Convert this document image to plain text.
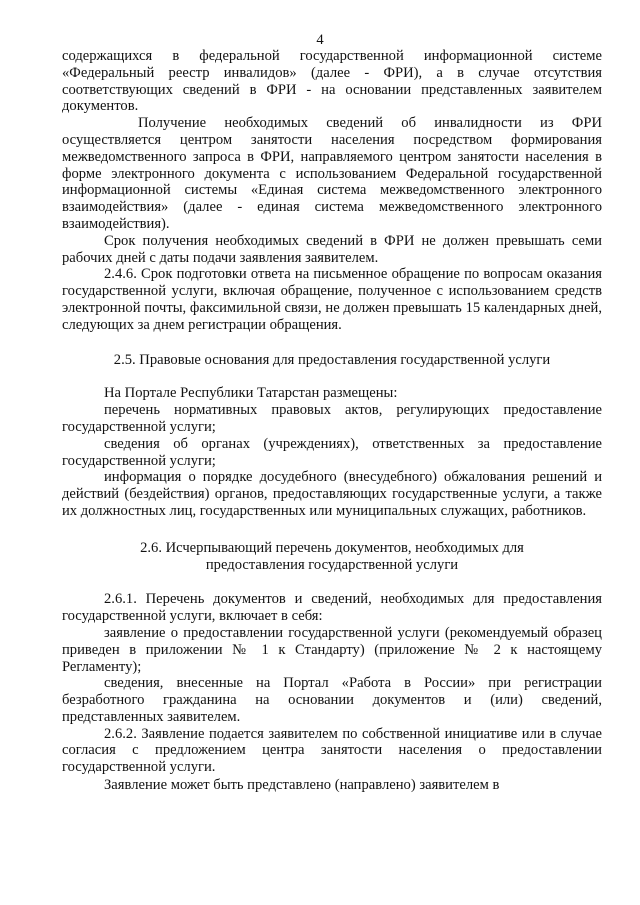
4

содержащихся в федеральной государственной информационной системе «Федеральный реестр инвалидов» (далее - ФРИ), а в случае отсутствия соответствующих сведений в ФРИ - на основании представленных заявителем документов.

Получение необходимых сведений об инвалидности из ФРИ осуществляется центром занятости населения посредством формирования межведомственного запроса в ФРИ, направляемого центром занятости населения в форме электронного документа с использованием Федеральной государственной информационной системы «Единая система межведомственного электронного взаимодействия» (далее - единая система межведомственного электронного взаимодействия).

Срок получения необходимых сведений в ФРИ не должен превышать семи рабочих дней с даты подачи заявления заявителем.

2.4.6. Срок подготовки ответа на письменное обращение по вопросам оказания государственной услуги, включая обращение, полученное с использованием средств электронной почты, факсимильной связи, не должен превышать 15 календарных дней, следующих за днем регистрации обращения.

2.5. Правовые основания для предоставления государственной услуги

На Портале Республики Татарстан размещены:

перечень нормативных правовых актов, регулирующих предоставление государственной услуги;

сведения об органах (учреждениях), ответственных за предоставление государственной услуги;

информация о порядке досудебного (внесудебного) обжалования решений и действий (бездействия) органов, предоставляющих государственные услуги, а также их должностных лиц, государственных или муниципальных служащих, работников.

2.6. Исчерпывающий перечень документов, необходимых для предоставления государственной услуги

2.6.1. Перечень документов и сведений, необходимых для предоставления государственной услуги, включает в себя:

заявление о предоставлении государственной услуги (рекомендуемый образец приведен в приложении № 1 к Стандарту) (приложение № 2 к настоящему Регламенту);

сведения, внесенные на Портал «Работа в России» при регистрации безработного гражданина на основании документов и (или) сведений, представленных заявителем.

2.6.2. Заявление подается заявителем по собственной инициативе или в случае согласия с предложением центра занятости населения о предоставлении государственной услуги.

Заявление может быть представлено (направлено) заявителем в
